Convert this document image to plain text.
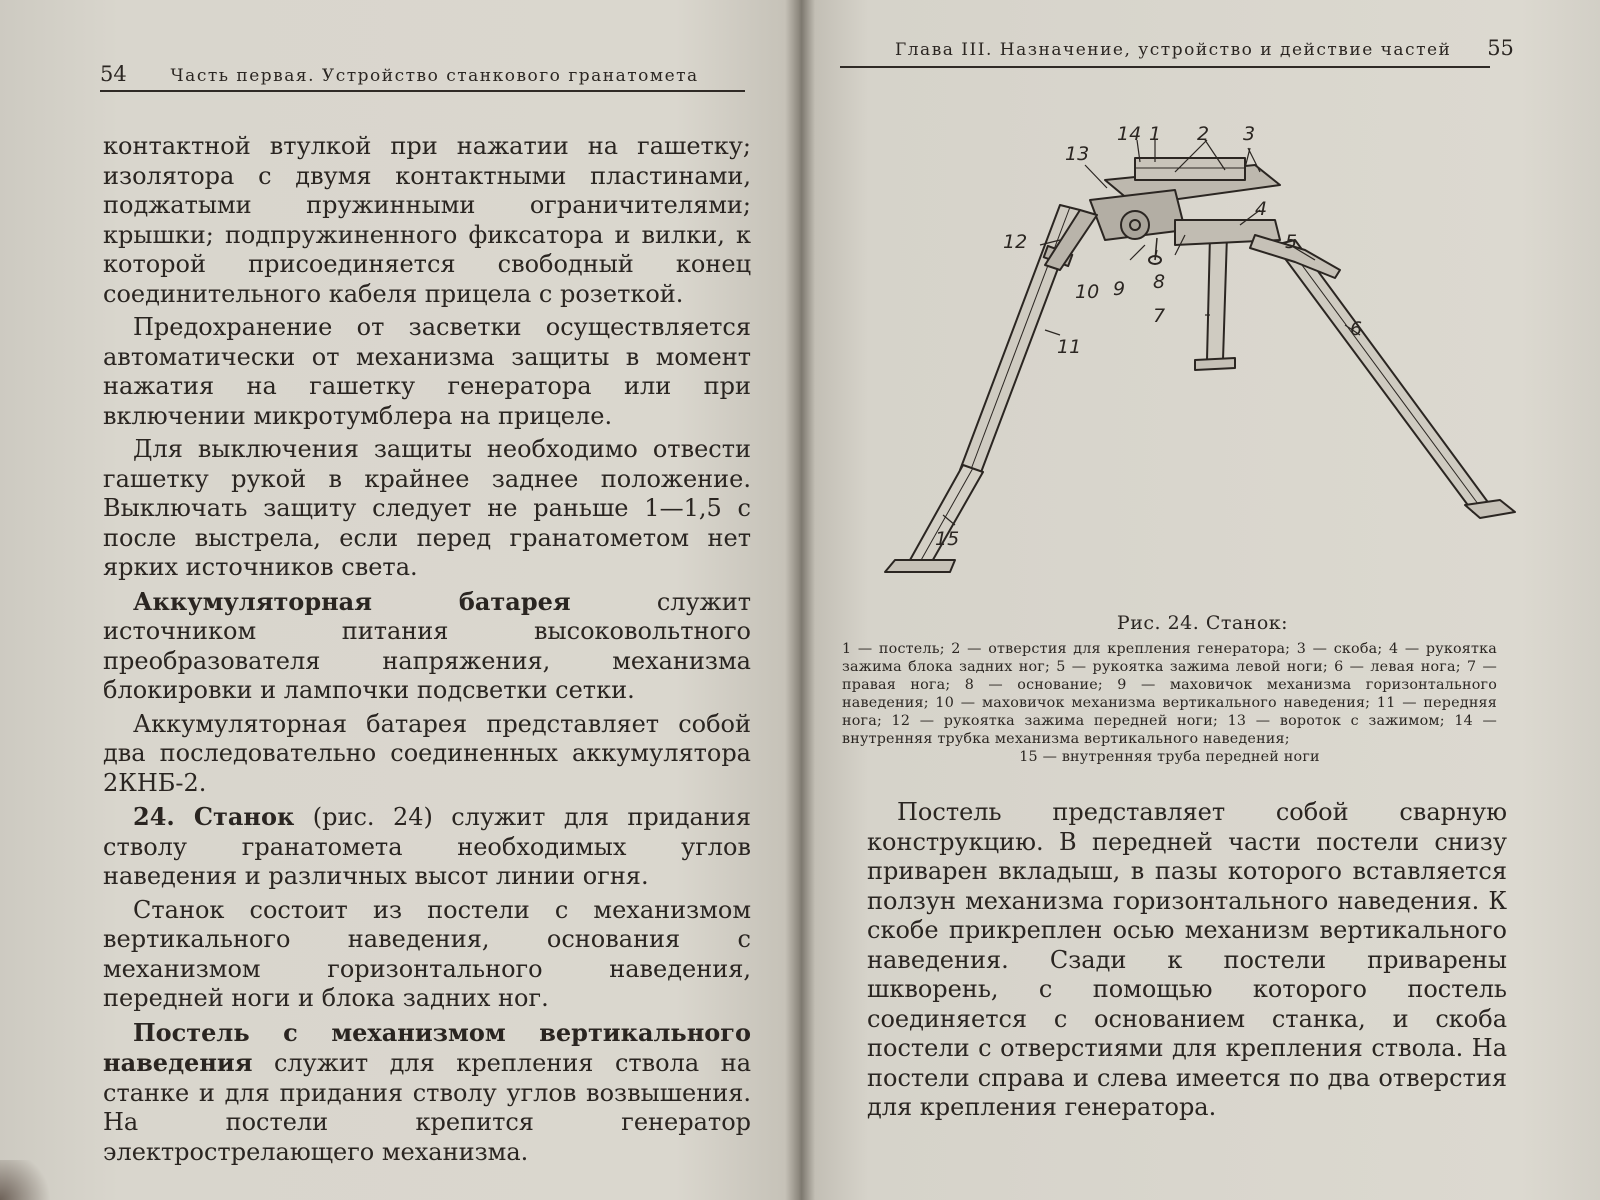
54	Часть первая. Устройство станкового гранатомета

контактной втулкой при нажатии на гашетку; изолятора с двумя контактными пластинами, поджатыми пружинными ограничителями; крышки; подпружиненного фиксатора и вилки, к которой присоединяется свободный конец соединительного кабеля прицела с розеткой.

Предохранение от засветки осуществляется автоматически от механизма защиты в момент нажатия на гашетку генератора или при включении микротумблера на прицеле.

Для выключения защиты необходимо отвести гашетку рукой в крайнее заднее положение. Выключать защиту следует не раньше 1—1,5 с после выстрела, если перед гранатометом нет ярких источников света.

Аккумуляторная батарея служит источником питания высоковольтного преобразователя напряжения, механизма блокировки и лампочки подсветки сетки.

Аккумуляторная батарея представляет собой два последовательно соединенных аккумулятора 2КНБ-2.

24. Станок (рис. 24) служит для придания стволу гранатомета необходимых углов наведения и различных высот линии огня.

Станок состоит из постели с механизмом вертикального наведения, основания с механизмом горизонтального наведения, передней ноги и блока задних ног.

Постель с механизмом вертикального наведения служит для крепления ствола на станке и для придания стволу углов возвышения. На постели крепится генератор электрострелающего механизма.

Глава III. Назначение, устройство и действие частей 55
13
14 1 2 3
4
12	5
10 9 8
7
6
11
15
Рис. 24. Станок:
1 — постель; 2 — отверстия для крепления генератора; 3 — скоба; 4 — рукоятка зажима блока задних ног; 5 — рукоятка зажима левой ноги; 6 — левая нога; 7 — правая нога; 8 — основание; 9 — маховичок механизма горизонтального наведения; 10 — маховичок механизма вертикального наведения; 11 — передняя нога; 12 — рукоятка зажима передней ноги; 13 — вороток с зажимом; 14 — внутренняя трубка механизма вертикального наведения;
15 — внутренняя труба передней ноги

Постель представляет собой сварную конструкцию. В передней части постели снизу приварен вкладыш, в пазы которого вставляется ползун механизма горизонтального наведения. К скобе прикреплен осью механизм вертикального наведения. Сзади к постели приварены шкворень, с помощью которого постель соединяется с основанием станка, и скоба постели с отверстиями для крепления ствола. На постели справа и слева имеется по два отверстия для крепления генератора.
